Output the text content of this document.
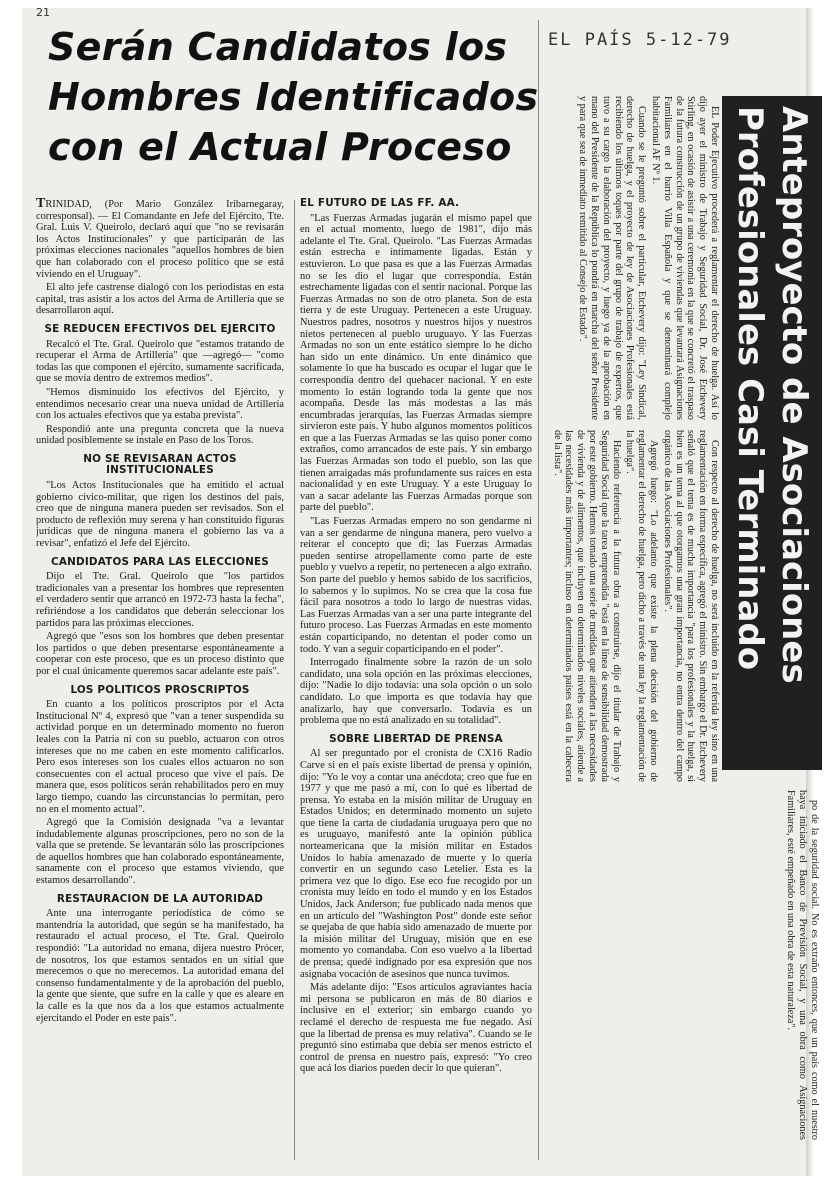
21
Serán Candidatos los
Hombres Identificados
con el Actual Proceso
EL PAÍS 5-12-79

TRINIDAD, (Por Mario González Iribarnegaray, corresponsal). — El Comandante en Jefe del Ejército, Tte. Gral. Luis V. Queirolo, declaró aquí que "no se revisarán los Actos Institucionales" y que participarán de las próximas elecciones nacionales "aquellos hombres de bien que han colaborado con el proceso político que se está viviendo en el Uruguay".

El alto jefe castrense dialogó con los periodistas en esta capital, tras asistir a los actos del Arma de Artillería que se desarrollaron aquí.

SE REDUCEN EFECTIVOS DEL EJERCITO

Recalcó el Tte. Gral. Queirolo que "estamos tratando de recuperar el Arma de Artillería" que —agregó— "como todas las que componen el ejército, sumamente sacrificada, que se movía dentro de extremos medios".

"Hemos disminuido los efectivos del Ejército, y entendimos necesario crear una nueva unidad de Artillería con los actuales efectivos que ya estaba prevista".

Respondió ante una pregunta concreta que la nueva unidad posiblemente se instale en Paso de los Toros.

NO SE REVISARAN ACTOS INSTITUCIONALES

"Los Actos Institucionales que ha emitido el actual gobierno cívico-militar, que rigen los destinos del país, creo que de ninguna manera pueden ser revisados. Son el producto de reflexión muy serena y han constituido figuras jurídicas que de ninguna manera el gobierno las va a revisar", enfatizó el Jefe del Ejército.

CANDIDATOS PARA LAS ELECCIONES

Dijo el Tte. Gral. Queirolo que "los partidos tradicionales van a presentar los hombres que representen el verdadero sentir que arrancó en 1972-73 hasta la fecha", refiriéndose a los candidatos que deberán seleccionar los partidos para las próximas elecciones.

Agregó que "esos son los hombres que deben presentar los partidos o que deben presentarse espontáneamente a cooperar con este proceso, que es un proceso distinto que por el cual únicamente queremos sacar adelante este país".

LOS POLITICOS PROSCRIPTOS

En cuanto a los políticos proscriptos por el Acta Institucional Nº 4, expresó que "van a tener suspendida su actividad porque en un determinado momento no fueron leales con la Patria ni con su pueblo, actuaron con otros intereses que no me caben en este momento calificarlos. Pero esos intereses son los cuales ellos actuaron no son consecuentes con el actual proceso que vive el país. De manera que, esos políticos serán rehabilitados pero en muy largo tiempo, cuando las circunstancias lo permitan, pero no en el momento actual".

Agregó que la Comisión designada "va a levantar indudablemente algunas proscripciones, pero no son de la valla que se pretende. Se levantarán sólo las proscripciones de aquellos hombres que han colaborado espontáneamente, sanamente con el proceso que estamos viviendo, que estamos desarrollando".

RESTAURACION DE LA AUTORIDAD

Ante una interrogante periodística de cómo se mantendría la autoridad, que según se ha manifestado, ha restaurado el actual proceso, el Tte. Gral. Queirolo respondió: "La autoridad no emana, dijera nuestro Prócer, de nosotros, los que estamos sentados en un sitial que merecemos o que no merecemos. La autoridad emana del consenso fundamentalmente y de la aprobación del pueblo, la gente que siente, que sufre en la calle y que es aleare en la calle es la que nos da a los que estamos actualmente ejercitando el Poder en este país".

EL FUTURO DE LAS FF. AA.

"Las Fuerzas Armadas jugarán el mismo papel que en el actual momento, luego de 1981", dijo más adelante el Tte. Gral. Queirolo. "Las Fuerzas Armadas están estrecha e íntimamente ligadas. Están y estuvieron. Lo que pasa es que a las Fuerzas Armadas no se les dio el lugar que correspondía. Están estrechamente ligadas con el sentir nacional. Porque las Fuerzas Armadas no son de otro planeta. Son de esta tierra y de este Uruguay. Pertenecen a este Uruguay. Nuestros padres, nosotros y nuestros hijos y nuestros nietos pertenecen al pueblo uruguayo. Y las Fuerzas Armadas no son un ente estático siempre lo he dicho han sido un ente dinámico. Un ente dinámico que solamente lo que ha buscado es ocupar el lugar que le correspondía dentro del quehacer nacional. Y en este momento lo están logrando toda la gente que nos acompaña. Desde las más modestas a las más encumbradas jerarquías, las Fuerzas Armadas siempre sirvieron este país. Y hubo algunos momentos políticos en que a las Fuerzas Armadas se las quiso poner como extraños, como arrancados de este país. Y sin embargo las Fuerzas Armadas son todo el pueblo, son las que tienen arraigadas más profundamente sus raíces en esta nacionalidad y en este Uruguay. Y a este Uruguay lo van a sacar adelante las Fuerzas Armadas porque son parte del pueblo".

"Las Fuerzas Armadas empero no son gendarme ni van a ser gendarme de ninguna manera, pero vuelvo a reiterar el concepto que di; las Fuerzas Armadas pueden sentirse atropellamente como parte de este pueblo y vuelvo a repetir, no pertenecen a algo extraño. Son parte del pueblo y hemos sabido de los sacrificios, lo sabemos y lo supimos. No se crea que la cosa fue fácil para nosotros a todo lo largo de nuestras vidas. Las Fuerzas Armadas van a ser una parte integrante del futuro proceso. Las Fuerzas Armadas en este momento están coparticipando, no detentan el poder como un todo. Y van a seguir coparticipando en el poder".

Interrogado finalmente sobre la razón de un solo candidato, una sola opción en las próximas elecciones, dijo: "Nadie lo dijo todavía: una sola opción o un solo candidato. Lo que importa es que todavía hay que analizarlo, hay que conversarlo. Todavía es un problema que no está analizado en su totalidad".

SOBRE LIBERTAD DE PRENSA

Al ser preguntado por el cronista de CX16 Radio Carve si en el país existe libertad de prensa y opinión, dijo: "Yo le voy a contar una anécdota; creo que fue en 1977 y que me pasó a mí, con lo qué es libertad de prensa. Yo estaba en la misión militar de Uruguay en Estados Unidos; en determinado momento un sujeto que tiene la carta de ciudadanía uruguaya pero que no es uruguayo, manifestó ante la opinión pública norteamericana que la misión militar en Estados Unidos lo había amenazado de muerte y lo quería convertir en un segundo caso Letelier. Esta es la primera vez que lo digo. Ese eco fue recogido por un cronista muy leído en todo el mundo y en los Estados Unidos, Jack Anderson; fue publicado nada menos que en un artículo del "Washington Post" donde este señor se quejaba de que había sido amenazado de muerte por la misión militar del Uruguay, misión que en ese momento yo comandaba. Con eso vuelvo a la libertad de prensa; quedé indignado por esa expresión que nos asignaba vocación de asesinos que nunca tuvimos.

Más adelante dijo: "Esos artículos agraviantes hacia mi persona se publicaron en más de 80 diarios e inclusive en el exterior; sin embargo cuando yo reclamé el derecho de respuesta me fue negado. Así que la libertad de prensa es muy relativa". Cuando se le preguntó sino estimaba que debía ser menos estricto el control de prensa en nuestro país, expresó: "Yo creo que acá los diarios pueden decir lo que quieran".

Anteproyecto de Asociaciones
Profesionales Casi Terminado

EL Poder Ejecutivo procederá a reglamentar el derecho de huelga. Así lo dijo ayer el ministro de Trabajo y Seguridad Social, Dr. José Etchevery Stirling, en ocasión de asistir a una ceremonia en la que se concretó el traspaso de la futura construcción de un grupo de viviendas que levantará Asignaciones Familiares en el barrio Villa Española y que se denominará complejo habitacional AF Nº 1.

Cuando se le preguntó sobre el particular, Etchevery dijo: "Ley Sindical, derecho de huelga, y el proyecto de ley de Asociaciones Profesionales está recibiendo los últimos toques por parte del grupo de trabajo de expertos, que tuvo a su cargo la elaboración del proyecto, y luego ya de la aprobación en mano del Presidente de la República lo pondrá en marcha del señor Presidente y para que sea de inmediato remitido al Consejo de Estado".

Con respecto al derecho de huelga, no será incluido en la referida ley sino en una reglamentación en forma específica, agregó el ministro. Sin embargo el Dr. Etchevery señaló que el tema es de mucha importancia "para los profesionales y la huelga, si bien es un tema al que otorgamos una gran importancia, no entra dentro del campo orgánico de las Asociaciones Profesionales".

Agregó luego: "Lo adelanto que existe la plena decisión del gobierno de reglamentar el derecho de huelga, pero dicho a través de una ley la reglamentación de la huelga".

Haciendo referencia a la futura obra a construirse, dijo el titular de Trabajo y Seguridad Social que la tarea emprendida "está en la línea de sensibilidad demostrada por este gobierno. Hemos tomado una serie de medidas que atienden a las necesidades de vivienda y de alimentos, que incluyen en determinados niveles sociales, atiende a las necesidades más importantes; incluso en determinados países está en la cabecera de la lista".

po de la seguridad social. No es extraño entonces, que un país como el nuestro haya iniciado el Banco de Previsión Social, y una obra como Asignaciones Familiares, esté empeñado en una obra de esta naturaleza".
